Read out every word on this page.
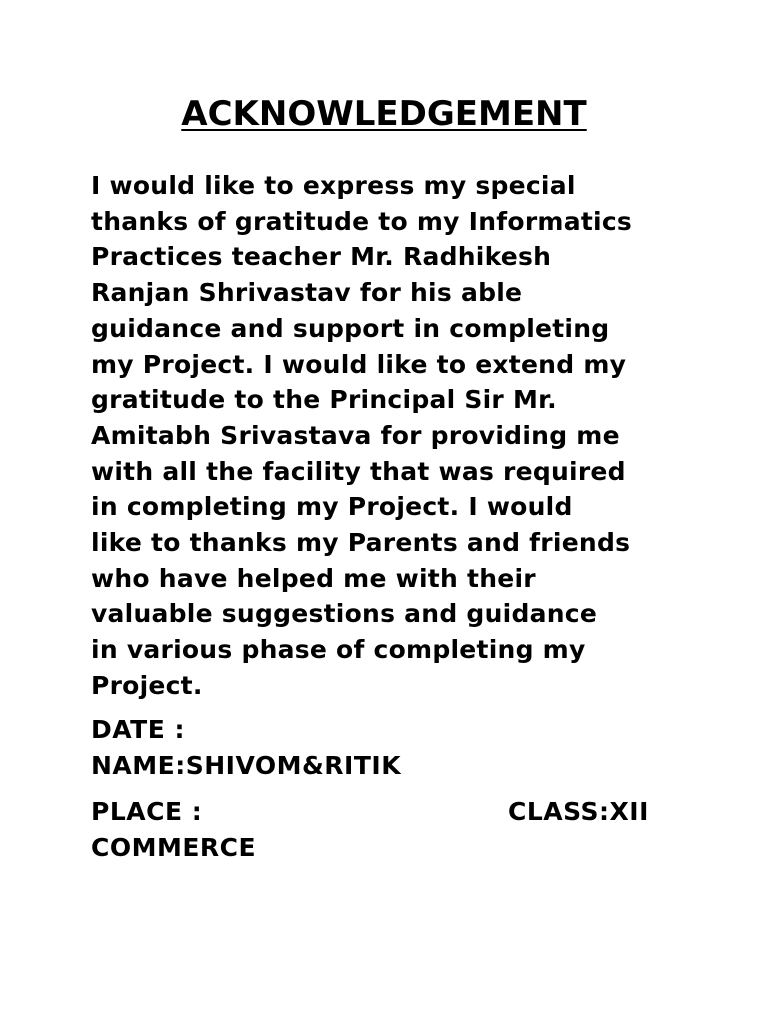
ACKNOWLEDGEMENT
I would like to express my special
thanks of gratitude to my Informatics
Practices teacher Mr. Radhikesh
Ranjan Shrivastav for his able
guidance and support in completing
my Project. I would like to extend my
gratitude to the Principal Sir Mr.
Amitabh Srivastava for providing me
with all the facility that was required
in completing my Project. I would
like to thanks my Parents and friends
who have helped me with their
valuable suggestions and guidance
in various phase of completing my
Project.
DATE :
NAME:SHIVOM&RITIK
PLACE :	CLASS:XII
COMMERCE
